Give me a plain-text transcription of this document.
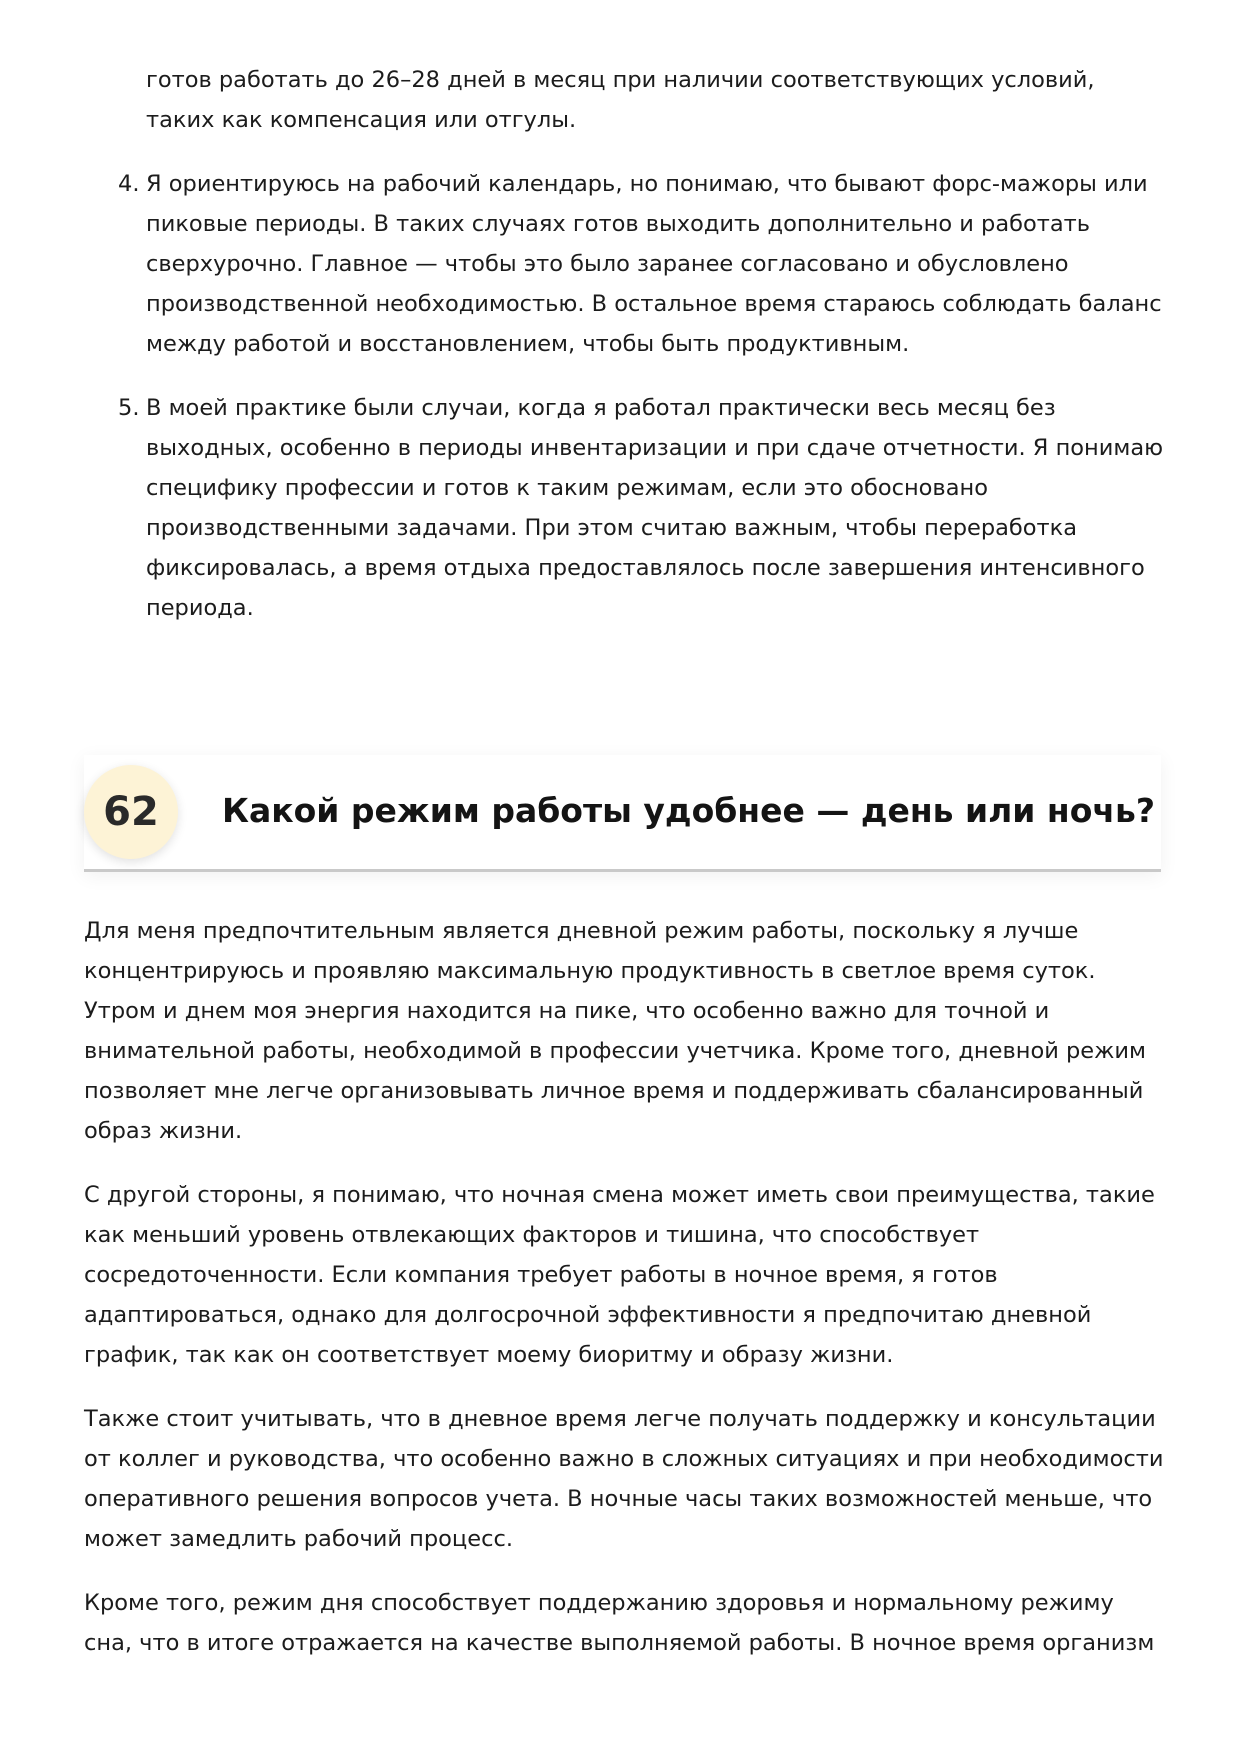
готов работать до 26–28 дней в месяц при наличии соответствующих условий, таких как компенсация или отгулы.
4. Я ориентируюсь на рабочий календарь, но понимаю, что бывают форс-мажоры или пиковые периоды. В таких случаях готов выходить дополнительно и работать сверхурочно. Главное — чтобы это было заранее согласовано и обусловлено производственной необходимостью. В остальное время стараюсь соблюдать баланс между работой и восстановлением, чтобы быть продуктивным.
5. В моей практике были случаи, когда я работал практически весь месяц без выходных, особенно в периоды инвентаризации и при сдаче отчетности. Я понимаю специфику профессии и готов к таким режимам, если это обосновано производственными задачами. При этом считаю важным, чтобы переработка фиксировалась, а время отдыха предоставлялось после завершения интенсивного периода.
62	Какой режим работы удобнее — день или ночь?

Для меня предпочтительным является дневной режим работы, поскольку я лучше концентрируюсь и проявляю максимальную продуктивность в светлое время суток. Утром и днем моя энергия находится на пике, что особенно важно для точной и внимательной работы, необходимой в профессии учетчика. Кроме того, дневной режим позволяет мне легче организовывать личное время и поддерживать сбалансированный образ жизни.

С другой стороны, я понимаю, что ночная смена может иметь свои преимущества, такие как меньший уровень отвлекающих факторов и тишина, что способствует сосредоточенности. Если компания требует работы в ночное время, я готов адаптироваться, однако для долгосрочной эффективности я предпочитаю дневной график, так как он соответствует моему биоритму и образу жизни.

Также стоит учитывать, что в дневное время легче получать поддержку и консультации от коллег и руководства, что особенно важно в сложных ситуациях и при необходимости оперативного решения вопросов учета. В ночные часы таких возможностей меньше, что может замедлить рабочий процесс.

Кроме того, режим дня способствует поддержанию здоровья и нормальному режиму сна, что в итоге отражается на качестве выполняемой работы. В ночное время организм
